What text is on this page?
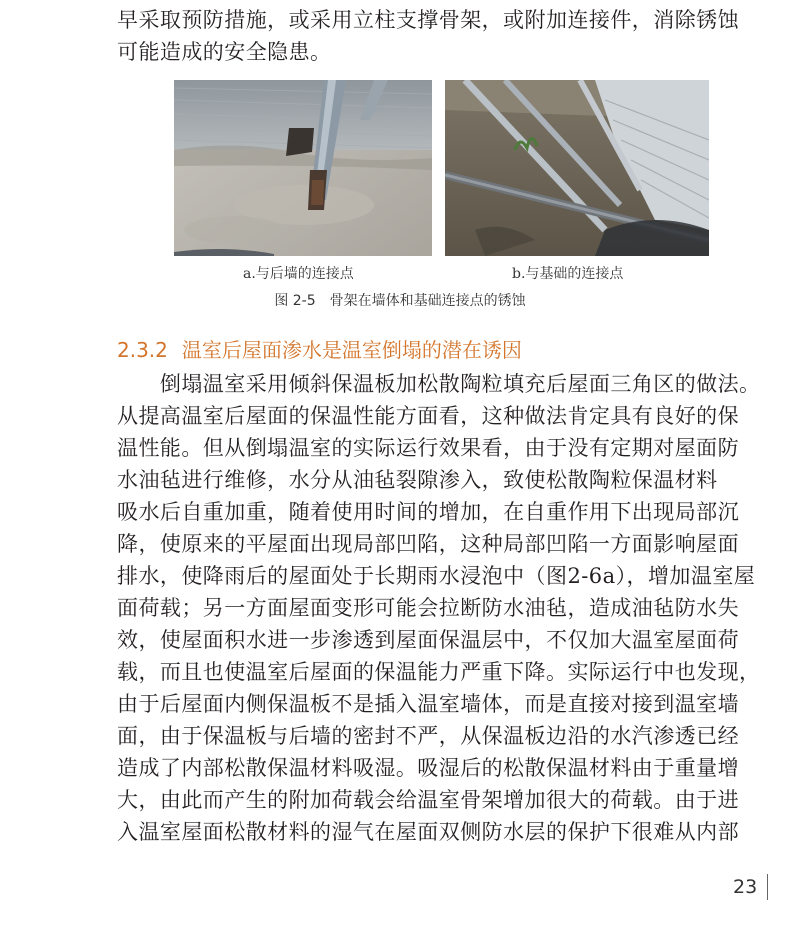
早采取预防措施，或采用立柱支撑骨架，或附加连接件，消除锈蚀
可能造成的安全隐患。
a.与后墙的连接点	b.与基础的连接点
图 2-5　骨架在墙体和基础连接点的锈蚀
2.3.2 温室后屋面渗水是温室倒塌的潜在诱因
　　倒塌温室采用倾斜保温板加松散陶粒填充后屋面三角区的做法。
从提高温室后屋面的保温性能方面看，这种做法肯定具有良好的保
温性能。但从倒塌温室的实际运行效果看，由于没有定期对屋面防
水油毡进行维修，水分从油毡裂隙渗入，致使松散陶粒保温材料
吸水后自重加重，随着使用时间的增加，在自重作用下出现局部沉
降，使原来的平屋面出现局部凹陷，这种局部凹陷一方面影响屋面
排水，使降雨后的屋面处于长期雨水浸泡中（图2-6a），增加温室屋
面荷载；另一方面屋面变形可能会拉断防水油毡，造成油毡防水失
效，使屋面积水进一步渗透到屋面保温层中，不仅加大温室屋面荷
载，而且也使温室后屋面的保温能力严重下降。实际运行中也发现，
由于后屋面内侧保温板不是插入温室墙体，而是直接对接到温室墙
面，由于保温板与后墙的密封不严，从保温板边沿的水汽渗透已经
造成了内部松散保温材料吸湿。吸湿后的松散保温材料由于重量增
大，由此而产生的附加荷载会给温室骨架增加很大的荷载。由于进
入温室屋面松散材料的湿气在屋面双侧防水层的保护下很难从内部
23
